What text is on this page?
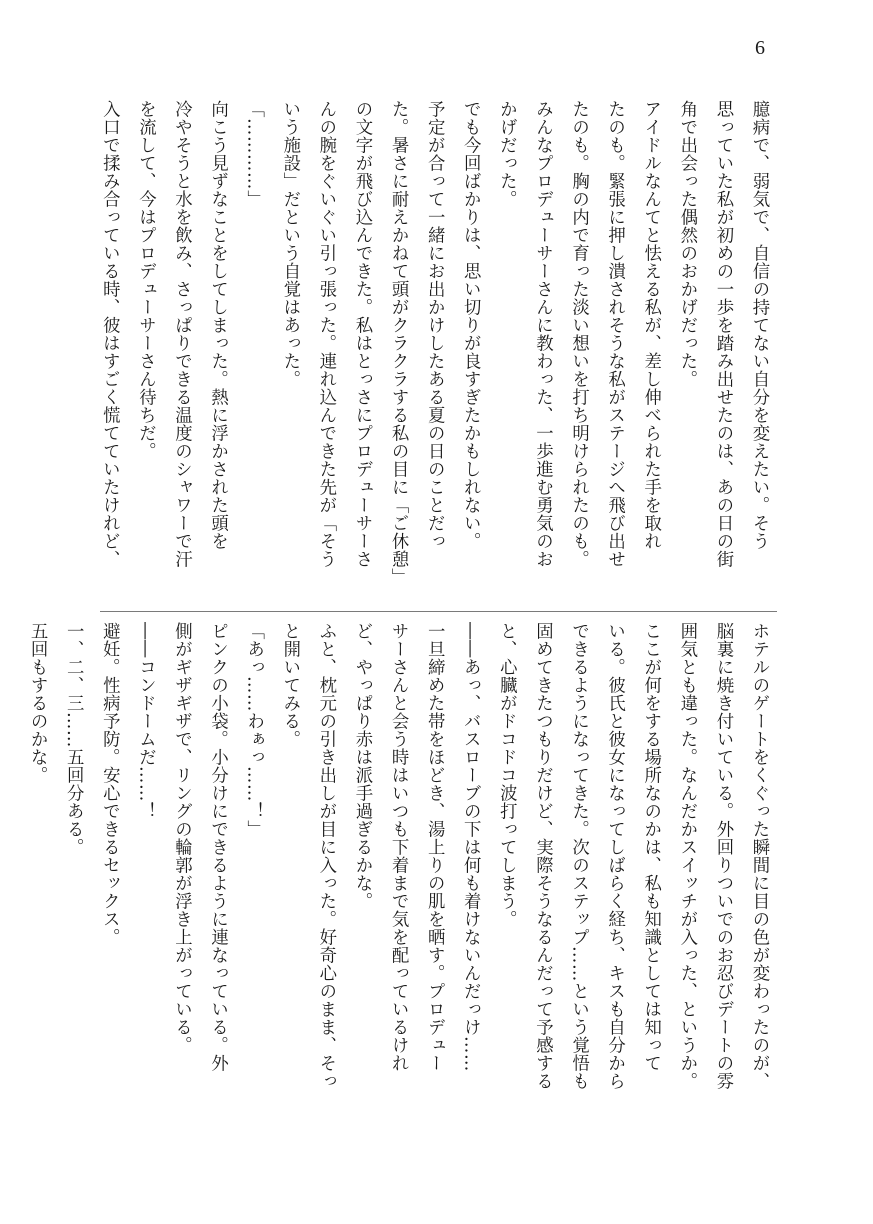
6
臆病で、弱気で、自信の持てない自分を変えたい。そう
思っていた私が初めの一歩を踏み出せたのは、あの日の街
角で出会った偶然のおかげだった。
アイドルなんてと怯える私が、差し伸べられた手を取れ
たのも。緊張に押し潰されそうな私がステージへ飛び出せ
たのも。胸の内で育った淡い想いを打ち明けられたのも。
みんなプロデューサーさんに教わった、一歩進む勇気のお
かげだった。
でも今回ばかりは、思い切りが良すぎたかもしれない。
予定が合って一緒にお出かけしたある夏の日のことだっ
た。暑さに耐えかねて頭がクラクラする私の目に「ご休憩」
の文字が飛び込んできた。私はとっさにプロデューサーさ
んの腕をぐいぐい引っ張った。連れ込んできた先が「そう
いう施設」だという自覚はあった。
「…………」
向こう見ずなことをしてしまった。熱に浮かされた頭を
冷やそうと水を飲み、さっぱりできる温度のシャワーで汗
を流して、今はプロデューサーさん待ちだ。
入口で揉み合っている時、彼はすごく慌てていたけれど、
ホテルのゲートをくぐった瞬間に目の色が変わったのが、
脳裏に焼き付いている。外回りついでのお忍びデートの雰
囲気とも違った。なんだかスイッチが入った、というか。
ここが何をする場所なのかは、私も知識としては知って
いる。彼氏と彼女になってしばらく経ち、キスも自分から
できるようになってきた。次のステップ……という覚悟も
固めてきたつもりだけど、実際そうなるんだって予感する
と、心臓がドコドコ波打ってしまう。
――あっ、バスローブの下は何も着けないんだっけ……
一旦締めた帯をほどき、湯上りの肌を晒す。プロデュー
サーさんと会う時はいつも下着まで気を配っているけれ
ど、やっぱり赤は派手過ぎるかな。
ふと、枕元の引き出しが目に入った。好奇心のまま、そっ
と開いてみる。
「あっ……わぁっ……！」
ピンクの小袋。小分けにできるように連なっている。外
側がギザギザで、リングの輪郭が浮き上がっている。
――コンドームだ……！
避妊。性病予防。安心できるセックス。
一、二、三……五回分ある。
五回もするのかな。
